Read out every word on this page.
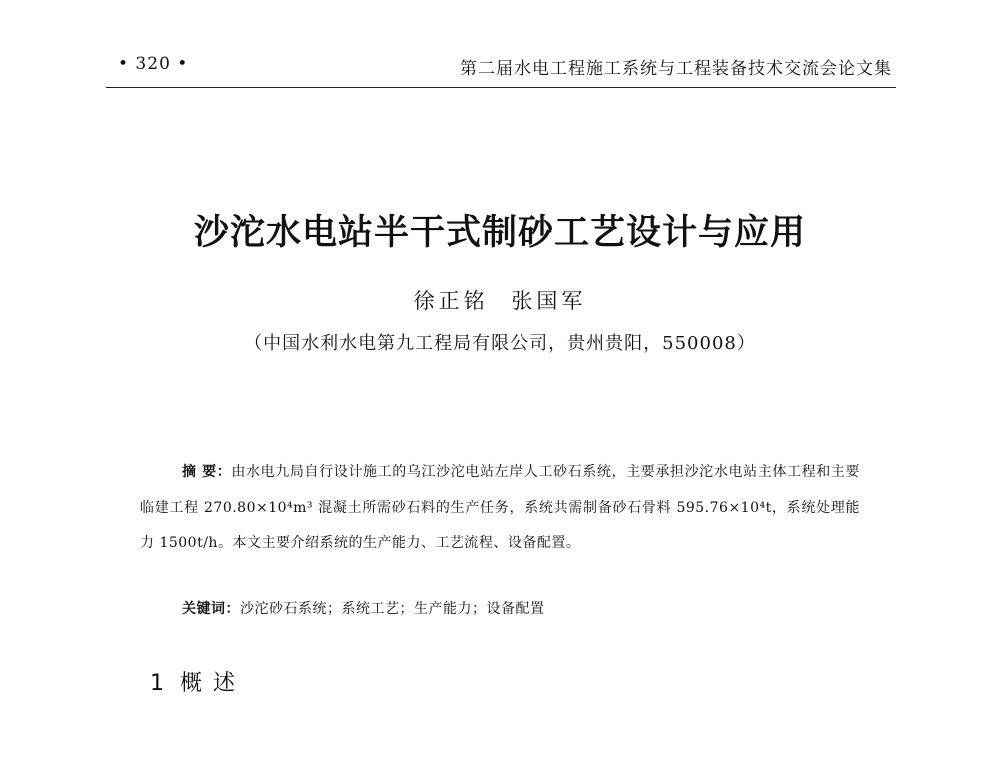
• 320 •	第二届水电工程施工系统与工程装备技术交流会论文集
沙沱水电站半干式制砂工艺设计与应用
徐正铭 张国军
（中国水利水电第九工程局有限公司，贵州贵阳，550008）
摘 要：由水电九局自行设计施工的乌江沙沱电站左岸人工砂石系统，主要承担沙沱水电站主体工程和主要临建工程 270.80×10⁴m³ 混凝土所需砂石料的生产任务，系统共需制备砂石骨料 595.76×10⁴t，系统处理能力 1500t/h。本文主要介绍系统的生产能力、工艺流程、设备配置。
关键词：沙沱砂石系统；系统工艺；生产能力；设备配置
1 概 述
